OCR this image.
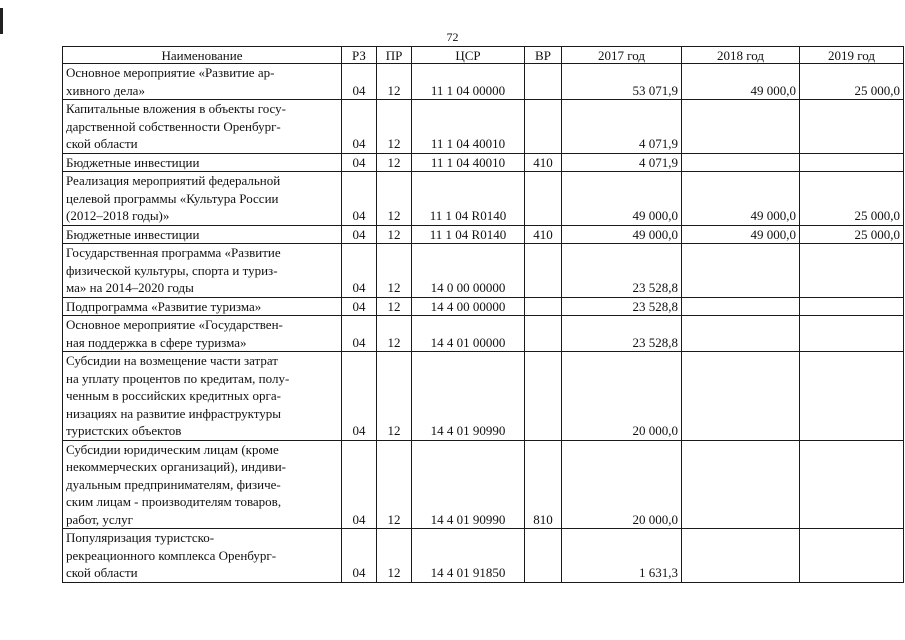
72
Наименование	РЗ	ПР	ЦСР	ВР	2017 год	2018 год	2019 год
Основное мероприятие «Развитие ар-
хивного дела»	04	12	11 1 04 00000		53 071,9	49 000,0	25 000,0
Капитальные вложения в объекты госу-
дарственной собственности Оренбург-
ской области	04	12	11 1 04 40010		4 071,9		
Бюджетные инвестиции	04	12	11 1 04 40010	410	4 071,9		
Реализация мероприятий федеральной
целевой программы «Культура России
(2012–2018 годы)»	04	12	11 1 04 R0140		49 000,0	49 000,0	25 000,0
Бюджетные инвестиции	04	12	11 1 04 R0140	410	49 000,0	49 000,0	25 000,0
Государственная программа «Развитие
физической культуры, спорта и туриз-
ма» на 2014–2020 годы	04	12	14 0 00 00000		23 528,8		
Подпрограмма «Развитие туризма»	04	12	14 4 00 00000		23 528,8		
Основное мероприятие «Государствен-
ная поддержка в сфере туризма»	04	12	14 4 01 00000		23 528,8		
Субсидии на возмещение части затрат
на уплату процентов по кредитам, полу-
ченным в российских кредитных орга-
низациях на развитие инфраструктуры
туристских объектов	04	12	14 4 01 90990		20 000,0		
Субсидии юридическим лицам (кроме
некоммерческих организаций), индиви-
дуальным предпринимателям, физиче-
ским лицам - производителям товаров,
работ, услуг	04	12	14 4 01 90990	810	20 000,0		
Популяризация туристско-
рекреационного комплекса Оренбург-
ской области	04	12	14 4 01 91850		1 631,3		
